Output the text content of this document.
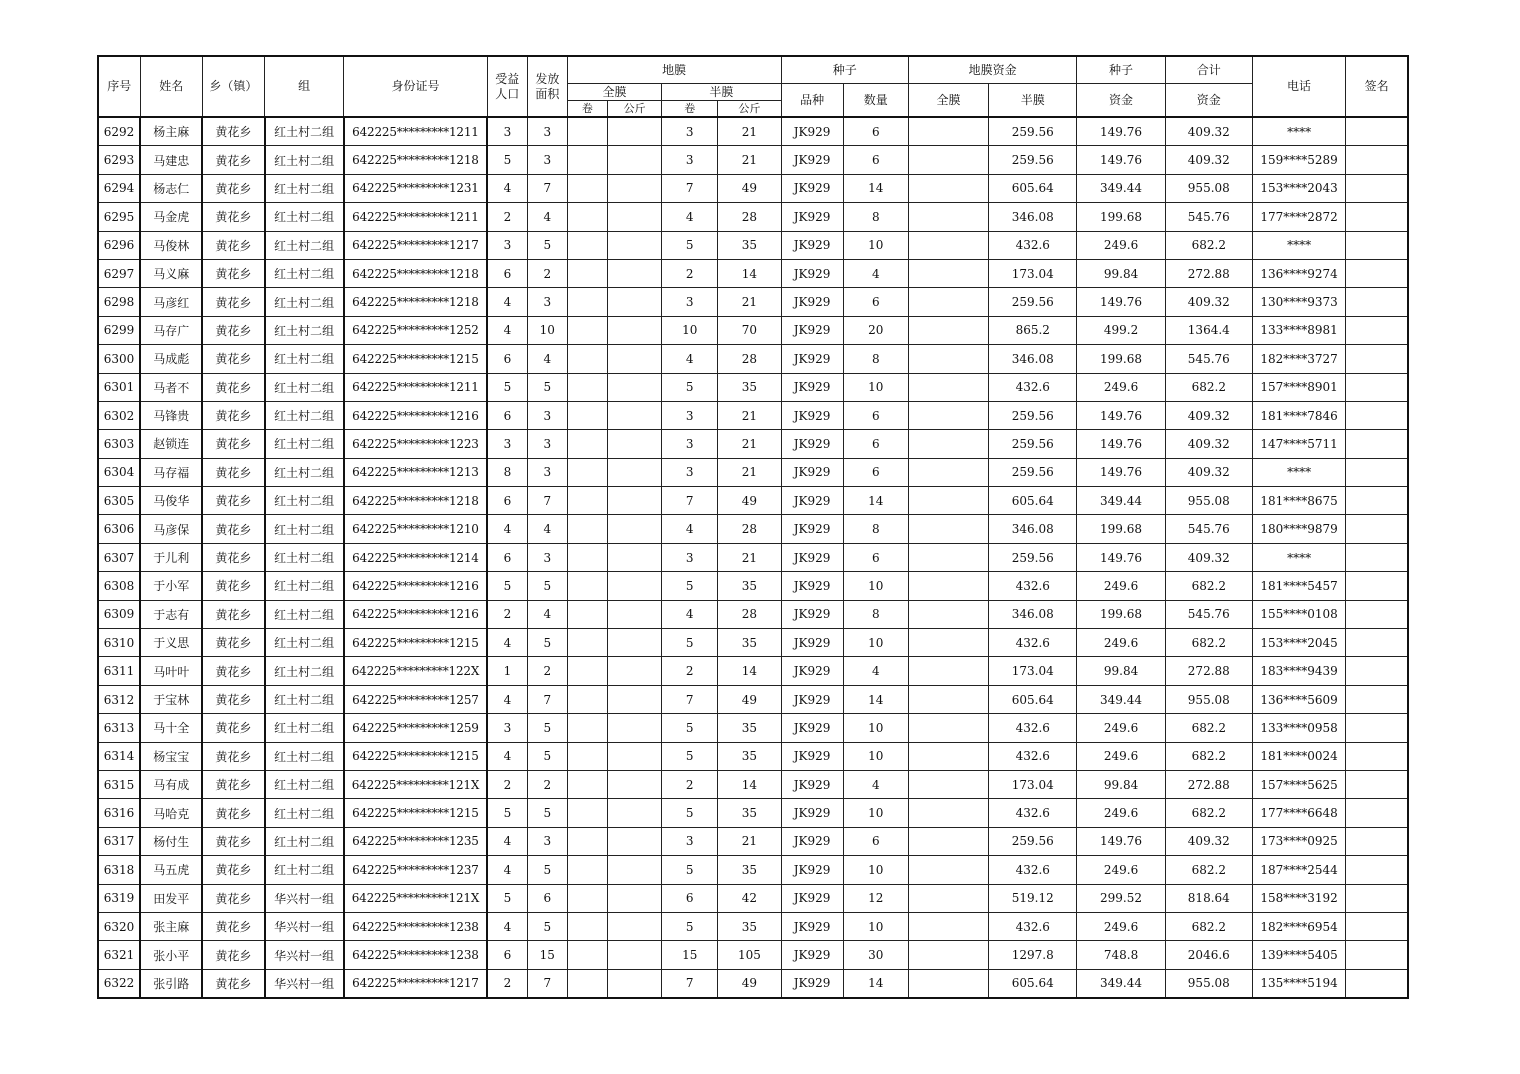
序号	姓名	乡（镇）	组	身份证号	受益人口	发放面积	地膜				种子		地膜资金		种子	合计	电话	签名
							全膜		半膜		品种	数量	全膜	半膜	资金	资金		
							卷	公斤	卷	公斤								
6292	杨主麻	黄花乡	红土村二组	642225*********1211	3	3			3	21	JK929	6		259.56	149.76	409.32	****	
6293	马建忠	黄花乡	红土村二组	642225*********1218	5	3			3	21	JK929	6		259.56	149.76	409.32	159****5289	
6294	杨志仁	黄花乡	红土村二组	642225*********1231	4	7			7	49	JK929	14		605.64	349.44	955.08	153****2043	
6295	马金虎	黄花乡	红土村二组	642225*********1211	2	4			4	28	JK929	8		346.08	199.68	545.76	177****2872	
6296	马俊林	黄花乡	红土村二组	642225*********1217	3	5			5	35	JK929	10		432.6	249.6	682.2	****	
6297	马义麻	黄花乡	红土村二组	642225*********1218	6	2			2	14	JK929	4		173.04	99.84	272.88	136****9274	
6298	马彦红	黄花乡	红土村二组	642225*********1218	4	3			3	21	JK929	6		259.56	149.76	409.32	130****9373	
6299	马存广	黄花乡	红土村二组	642225*********1252	4	10			10	70	JK929	20		865.2	499.2	1364.4	133****8981	
6300	马成彪	黄花乡	红土村二组	642225*********1215	6	4			4	28	JK929	8		346.08	199.68	545.76	182****3727	
6301	马者不	黄花乡	红土村二组	642225*********1211	5	5			5	35	JK929	10		432.6	249.6	682.2	157****8901	
6302	马锋贵	黄花乡	红土村二组	642225*********1216	6	3			3	21	JK929	6		259.56	149.76	409.32	181****7846	
6303	赵锁连	黄花乡	红土村二组	642225*********1223	3	3			3	21	JK929	6		259.56	149.76	409.32	147****5711	
6304	马存福	黄花乡	红土村二组	642225*********1213	8	3			3	21	JK929	6		259.56	149.76	409.32	****	
6305	马俊华	黄花乡	红土村二组	642225*********1218	6	7			7	49	JK929	14		605.64	349.44	955.08	181****8675	
6306	马彦保	黄花乡	红土村二组	642225*********1210	4	4			4	28	JK929	8		346.08	199.68	545.76	180****9879	
6307	于儿利	黄花乡	红土村二组	642225*********1214	6	3			3	21	JK929	6		259.56	149.76	409.32	****	
6308	于小军	黄花乡	红土村二组	642225*********1216	5	5			5	35	JK929	10		432.6	249.6	682.2	181****5457	
6309	于志有	黄花乡	红土村二组	642225*********1216	2	4			4	28	JK929	8		346.08	199.68	545.76	155****0108	
6310	于义思	黄花乡	红土村二组	642225*********1215	4	5			5	35	JK929	10		432.6	249.6	682.2	153****2045	
6311	马叶叶	黄花乡	红土村二组	642225*********122X	1	2			2	14	JK929	4		173.04	99.84	272.88	183****9439	
6312	于宝林	黄花乡	红土村二组	642225*********1257	4	7			7	49	JK929	14		605.64	349.44	955.08	136****5609	
6313	马十全	黄花乡	红土村二组	642225*********1259	3	5			5	35	JK929	10		432.6	249.6	682.2	133****0958	
6314	杨宝宝	黄花乡	红土村二组	642225*********1215	4	5			5	35	JK929	10		432.6	249.6	682.2	181****0024	
6315	马有成	黄花乡	红土村二组	642225*********121X	2	2			2	14	JK929	4		173.04	99.84	272.88	157****5625	
6316	马哈克	黄花乡	红土村二组	642225*********1215	5	5			5	35	JK929	10		432.6	249.6	682.2	177****6648	
6317	杨付生	黄花乡	红土村二组	642225*********1235	4	3			3	21	JK929	6		259.56	149.76	409.32	173****0925	
6318	马五虎	黄花乡	红土村二组	642225*********1237	4	5			5	35	JK929	10		432.6	249.6	682.2	187****2544	
6319	田发平	黄花乡	华兴村一组	642225*********121X	5	6			6	42	JK929	12		519.12	299.52	818.64	158****3192	
6320	张主麻	黄花乡	华兴村一组	642225*********1238	4	5			5	35	JK929	10		432.6	249.6	682.2	182****6954	
6321	张小平	黄花乡	华兴村一组	642225*********1238	6	15			15	105	JK929	30		1297.8	748.8	2046.6	139****5405	
6322	张引路	黄花乡	华兴村一组	642225*********1217	2	7			7	49	JK929	14		605.64	349.44	955.08	135****5194	
